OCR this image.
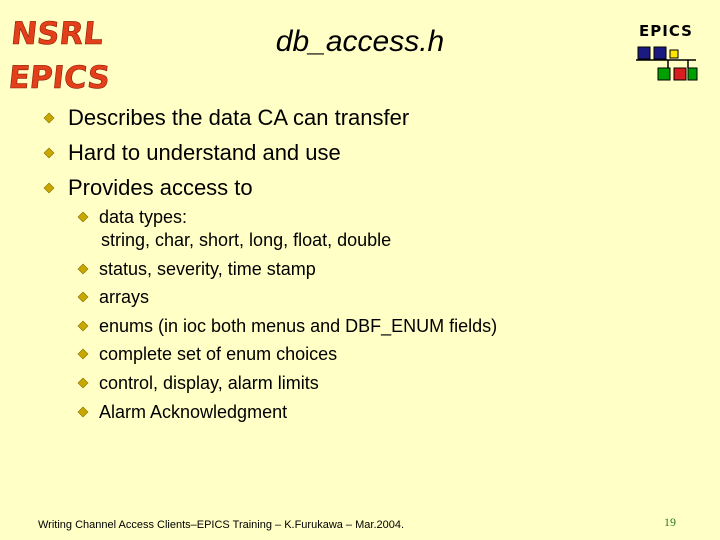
NSRL
EPICS
db_access.h	EPICS
Describes the data CA can transfer
Hard to understand and use
Provides access to
data types:
string, char, short, long, float, double
status, severity, time stamp
arrays
enums (in ioc both menus and DBF_ENUM fields)
complete set of enum choices
control, display, alarm limits
Alarm Acknowledgment
Writing Channel Access Clients–EPICS Training – K.Furukawa – Mar.2004.	19
